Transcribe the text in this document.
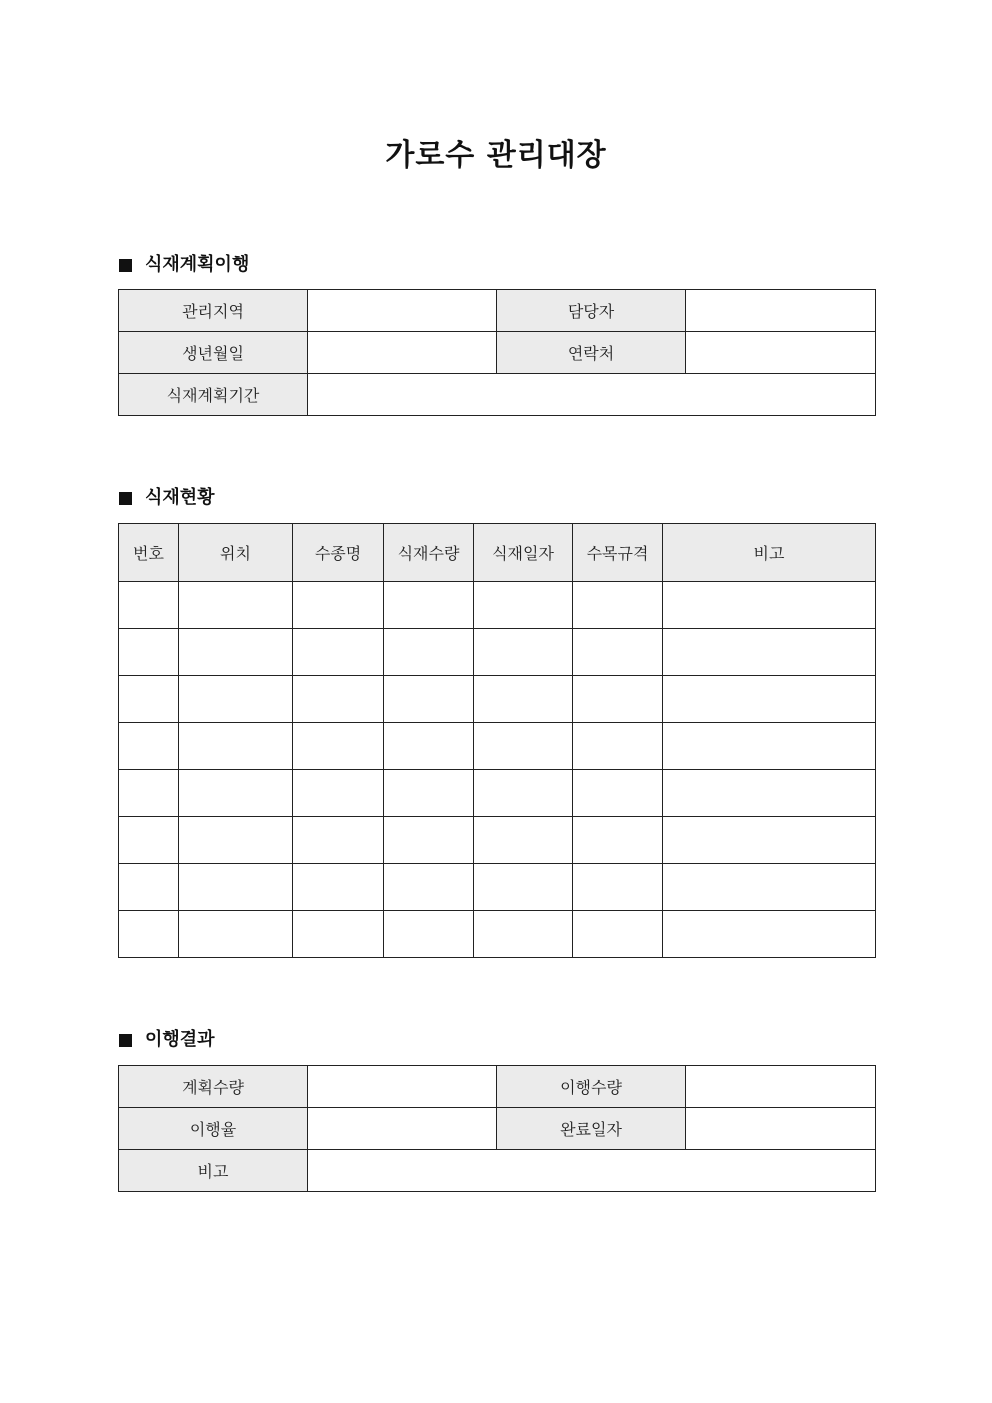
가로수 관리대장
식재계획이행
관리지역		담당자	
생년월일		연락처	
식재계획기간			
식재현황
번호	위치	수종명	식재수량	식재일자	수목규격	비고

이행결과
계획수량		이행수량	
이행율		완료일자	
비고			
